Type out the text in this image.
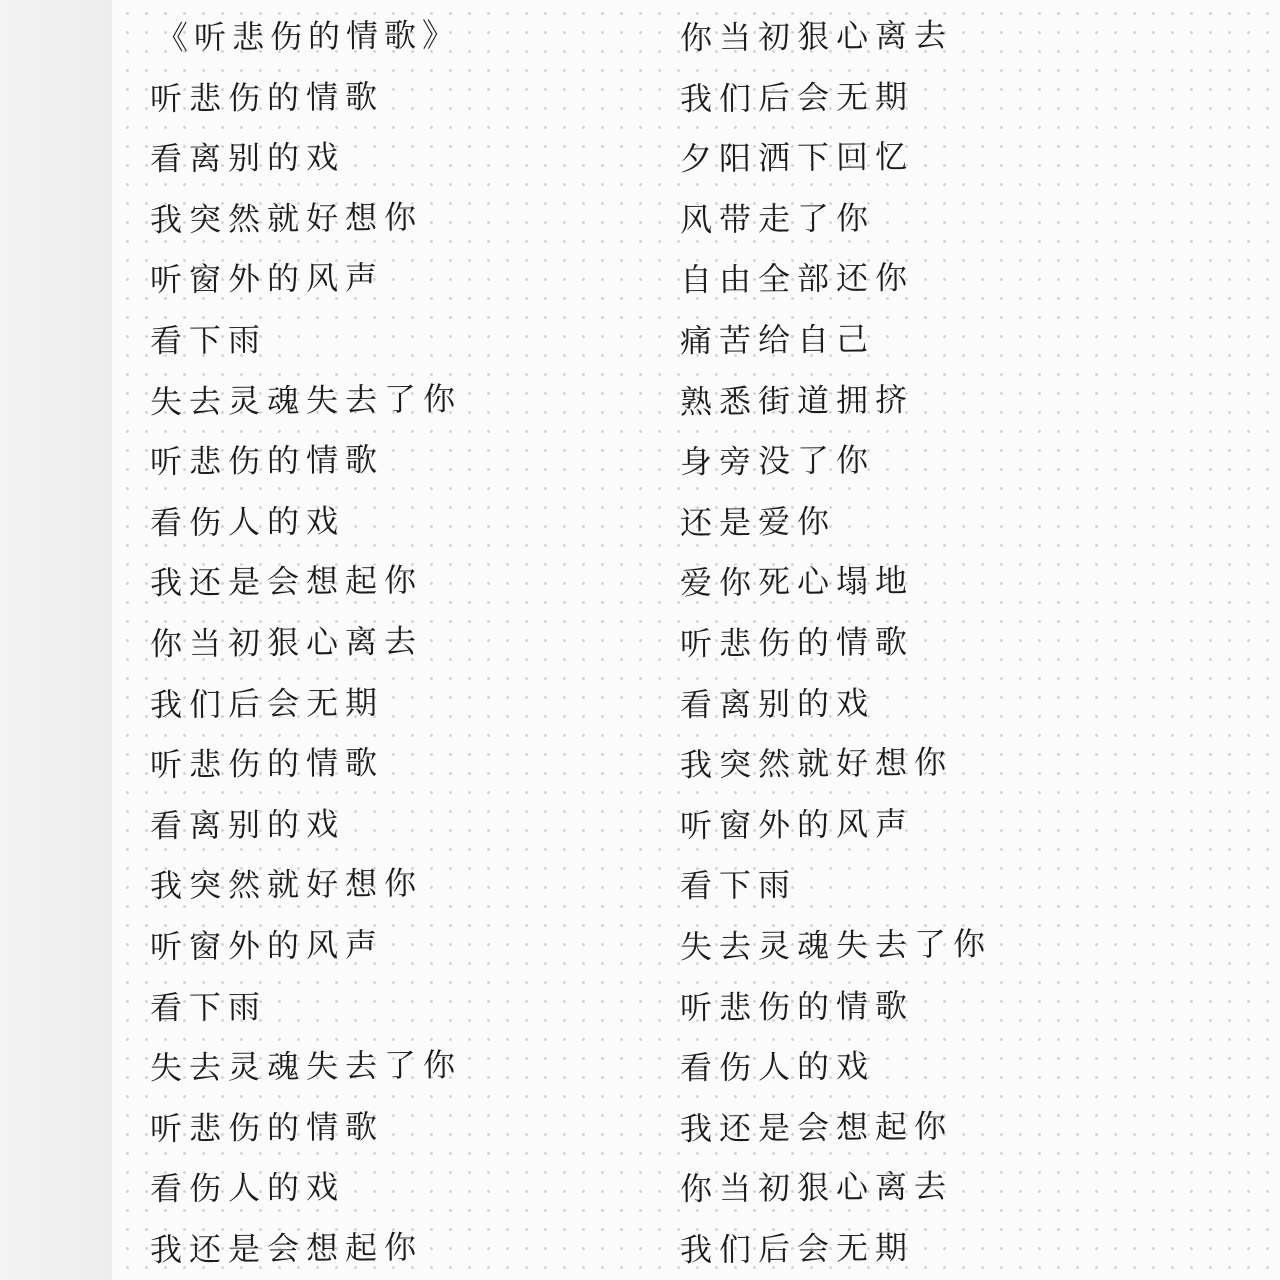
《听悲伤的情歌》
听悲伤的情歌
看离别的戏
我突然就好想你
听窗外的风声
看下雨
失去灵魂失去了你
听悲伤的情歌
看伤人的戏
我还是会想起你
你当初狠心离去
我们后会无期
听悲伤的情歌
看离别的戏
我突然就好想你
听窗外的风声
看下雨
失去灵魂失去了你
听悲伤的情歌
看伤人的戏
我还是会想起你
你当初狠心离去
我们后会无期
夕阳洒下回忆
风带走了你
自由全部还你
痛苦给自己
熟悉街道拥挤
身旁没了你
还是爱你
爱你死心塌地
听悲伤的情歌
看离别的戏
我突然就好想你
听窗外的风声
看下雨
失去灵魂失去了你
听悲伤的情歌
看伤人的戏
我还是会想起你
你当初狠心离去
我们后会无期
